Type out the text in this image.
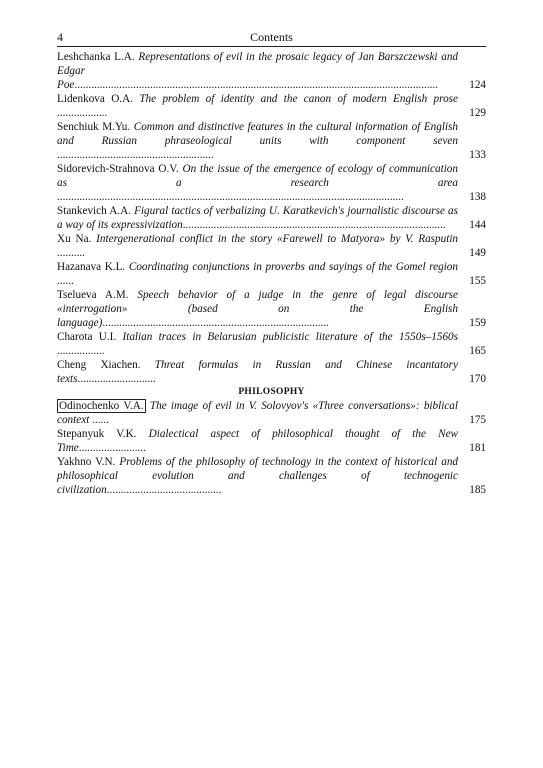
4	Contents
Leshchanka L.A. Representations of evil in the prosaic legacy of Jan Barszczewski and Edgar Poe..................................................................................................................................	124
Lidenkova O.A. The problem of identity and the canon of modern English prose ..................	129
Senchiuk M.Yu. Common and distinctive features in the cultural information of English and Russian phraseological units with component seven ........................................................	133
Sidorevich-Strahnova O.V. On the issue of the emergence of ecology of communication as a research area ............................................................................................................................	138
Stankevich A.A. Figural tactics of verbalizing U. Karatkevich's journalistic discourse as a way of its expressivization..............................................................................................	144
Xu Na. Intergenerational conflict in the story «Farewell to Matyora» by V. Rasputin ..........	149
Hazanava K.L. Coordinating conjunctions in proverbs and sayings of the Gomel region ......	155
Tselueva A.M. Speech behavior of a judge in the genre of legal discourse «interrogation» (based on the English language).................................................................................	159
Charota U.I. Italian traces in Belarusian publicistic literature of the 1550s–1560s .................	165
Cheng Xiachen. Threat formulas in Russian and Chinese incantatory texts............................	170
PHILOSOPHY
Odinochenko V.A. The image of evil in V. Solovyov's «Three conversations»: biblical context ......	175
Stepanyuk V.K. Dialectical aspect of philosophical thought of the New Time........................	181
Yakhno V.N. Problems of the philosophy of technology in the context of historical and philosophical evolution and challenges of technogenic civilization.........................................	185
